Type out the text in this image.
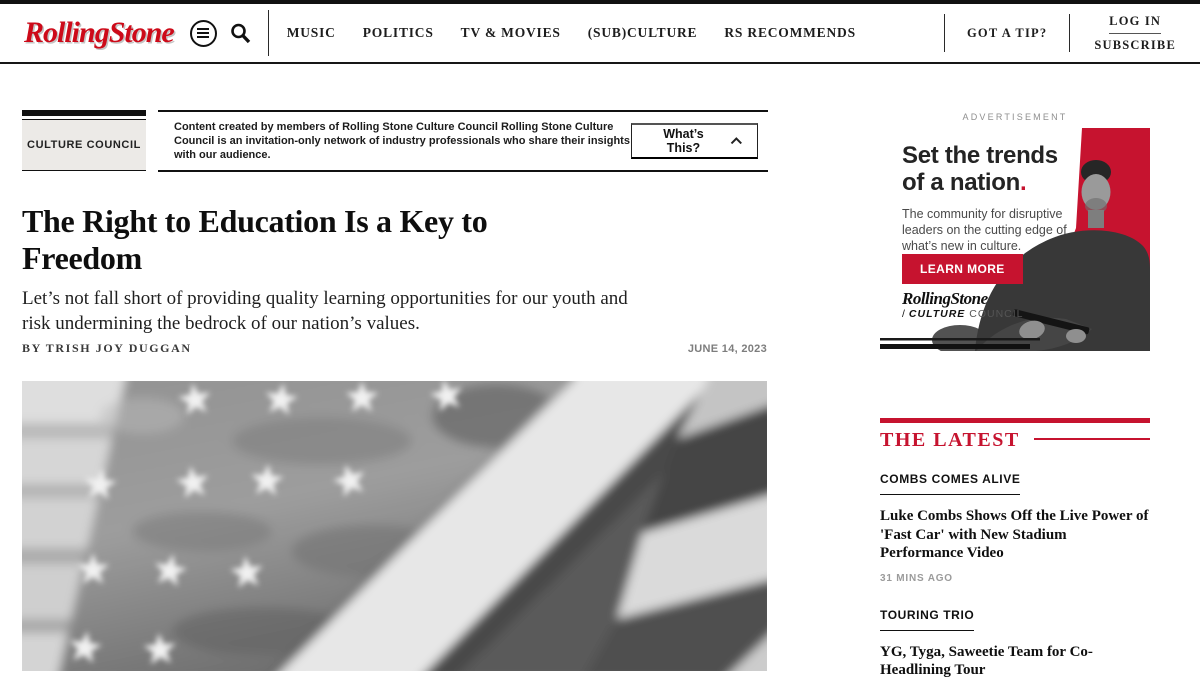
RollingStone	MUSIC POLITICS TV & MOVIES (SUB)CULTURE RS RECOMMENDS	GOT A TIP?
LOG IN
SUBSCRIBE
CULTURE COUNCIL
Content created by members of Rolling Stone Culture Council Rolling Stone Culture Council is an invitation-only network of industry professionals who share their insights with our audience.
What’s This?
The Right to Education Is a Key to
Freedom
Let’s not fall short of providing quality learning opportunities for our youth and
risk undermining the bedrock of our nation’s values.
BY TRISH JOY DUGGAN	JUNE 14, 2023
ADVERTISEMENT
Set the trends
of a nation.
The community for disruptive leaders on the cutting edge of what’s new in culture.
LEARN MORE
RollingStone
/ CULTURE COUNCIL
THE LATEST
COMBS COMES ALIVE
Luke Combs Shows Off the Live Power of 'Fast Car' with New Stadium Performance Video
31 MINS AGO
TOURING TRIO
YG, Tyga, Saweetie Team for Co-Headlining Tour
